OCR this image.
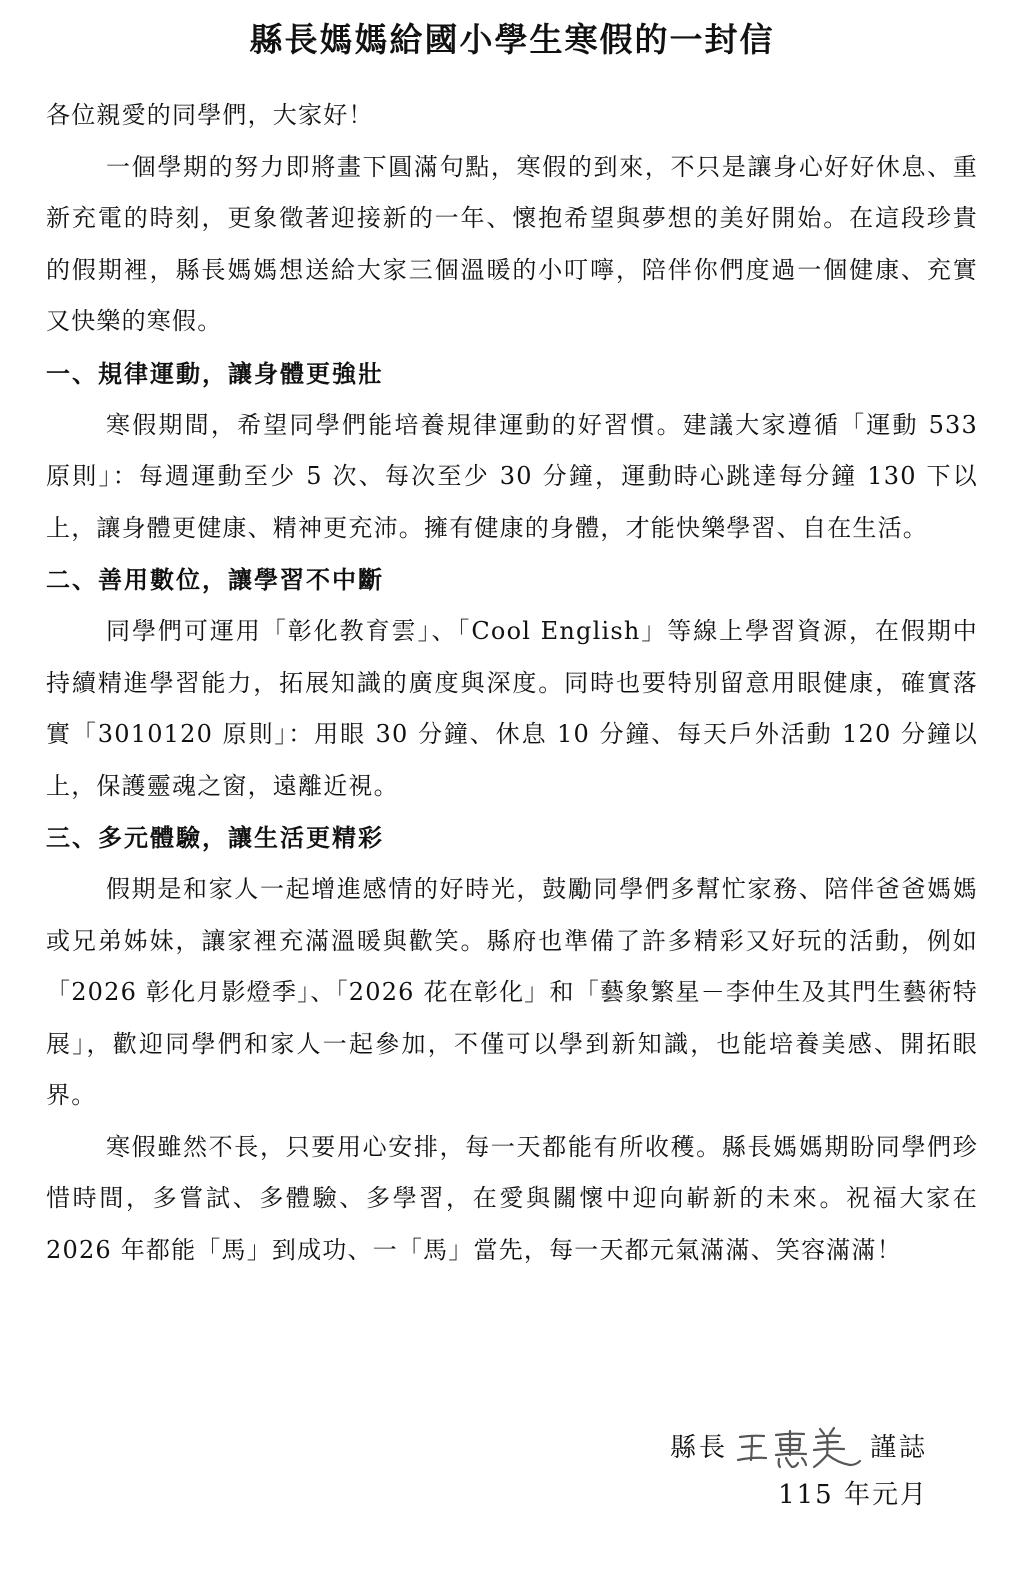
縣長媽媽給國小學生寒假的一封信

各位親愛的同學們，大家好！

一個學期的努力即將畫下圓滿句點，寒假的到來，不只是讓身心好好休息、重新充電的時刻，更象徵著迎接新的一年、懷抱希望與夢想的美好開始。在這段珍貴的假期裡，縣長媽媽想送給大家三個溫暖的小叮嚀，陪伴你們度過一個健康、充實又快樂的寒假。

一、規律運動，讓身體更強壯

寒假期間，希望同學們能培養規律運動的好習慣。建議大家遵循「運動 533 原則」：每週運動至少 5 次、每次至少 30 分鐘，運動時心跳達每分鐘 130 下以上，讓身體更健康、精神更充沛。擁有健康的身體，才能快樂學習、自在生活。

二、善用數位，讓學習不中斷

同學們可運用「彰化教育雲」、「Cool English」等線上學習資源，在假期中持續精進學習能力，拓展知識的廣度與深度。同時也要特別留意用眼健康，確實落實「3010120 原則」：用眼 30 分鐘、休息 10 分鐘、每天戶外活動 120 分鐘以上，保護靈魂之窗，遠離近視。

三、多元體驗，讓生活更精彩

假期是和家人一起增進感情的好時光，鼓勵同學們多幫忙家務、陪伴爸爸媽媽或兄弟姊妹，讓家裡充滿溫暖與歡笑。縣府也準備了許多精彩又好玩的活動，例如「2026 彰化月影燈季」、「2026 花在彰化」和「藝象繁星－李仲生及其門生藝術特展」，歡迎同學們和家人一起參加，不僅可以學到新知識，也能培養美感、開拓眼界。

寒假雖然不長，只要用心安排，每一天都能有所收穫。縣長媽媽期盼同學們珍惜時間，多嘗試、多體驗、多學習，在愛與關懷中迎向嶄新的未來。祝福大家在 2026 年都能「馬」到成功、一「馬」當先，每一天都元氣滿滿、笑容滿滿！

縣長	謹誌
115 年元月
